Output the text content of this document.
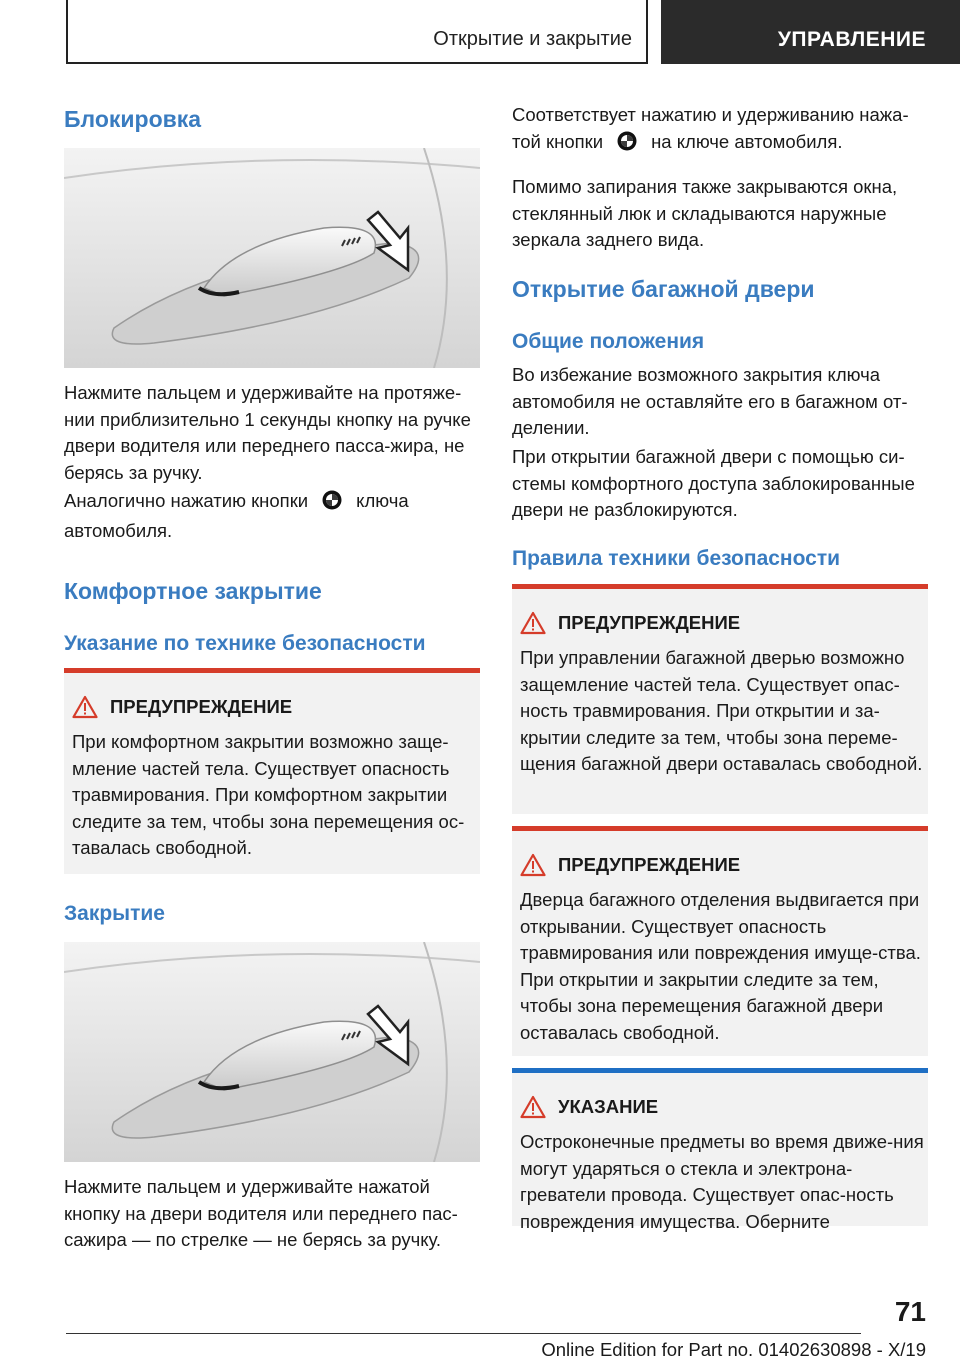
Открытие и закрытие	УПРАВЛЕНИЕ
Блокировка

Нажмите пальцем и удерживайте на протяже-нии приблизительно 1 секунды кнопку на ручке двери водителя или переднего пасса-жира, не берясь за ручку.

Аналогично нажатию кнопки	ключа автомобиля.

Комфортное закрытие
Указание по технике безопасности
ПРЕДУПРЕЖДЕНИЕ

При комфортном закрытии возможно заще-мление частей тела. Существует опасность травмирования. При комфортном закрытии следите за тем, чтобы зона перемещения ос-тавалась свободной.

Закрытие

Нажмите пальцем и удерживайте нажатой кнопку на двери водителя или переднего пас-сажира — по стрелке — не берясь за ручку.

Соответствует нажатию и удерживанию нажа-той кнопки	на ключе автомобиля.

Помимо запирания также закрываются окна, стеклянный люк и складываются наружные зеркала заднего вида.

Открытие багажной двери
Общие положения

Во избежание возможного закрытия ключа автомобиля не оставляйте его в багажном от-делении.

При открытии багажной двери с помощью си-стемы комфортного доступа заблокированные двери не разблокируются.

Правила техники безопасности
ПРЕДУПРЕЖДЕНИЕ

При управлении багажной дверью возможно защемление частей тела. Существует опас-ность травмирования. При открытии и за-крытии следите за тем, чтобы зона переме-щения багажной двери оставалась свободной.

ПРЕДУПРЕЖДЕНИЕ

Дверца багажного отделения выдвигается при открывании. Существует опасность травмирования или повреждения имуще-ства. При открытии и закрытии следите за тем, чтобы зона перемещения багажной двери оставалась свободной.

УКАЗАНИЕ

Остроконечные предметы во время движе-ния могут ударяться о стекла и электрона-греватели провода. Существует опас-ность повреждения имущества. Оберните

71
Online Edition for Part no. 01402630898 - X/19
